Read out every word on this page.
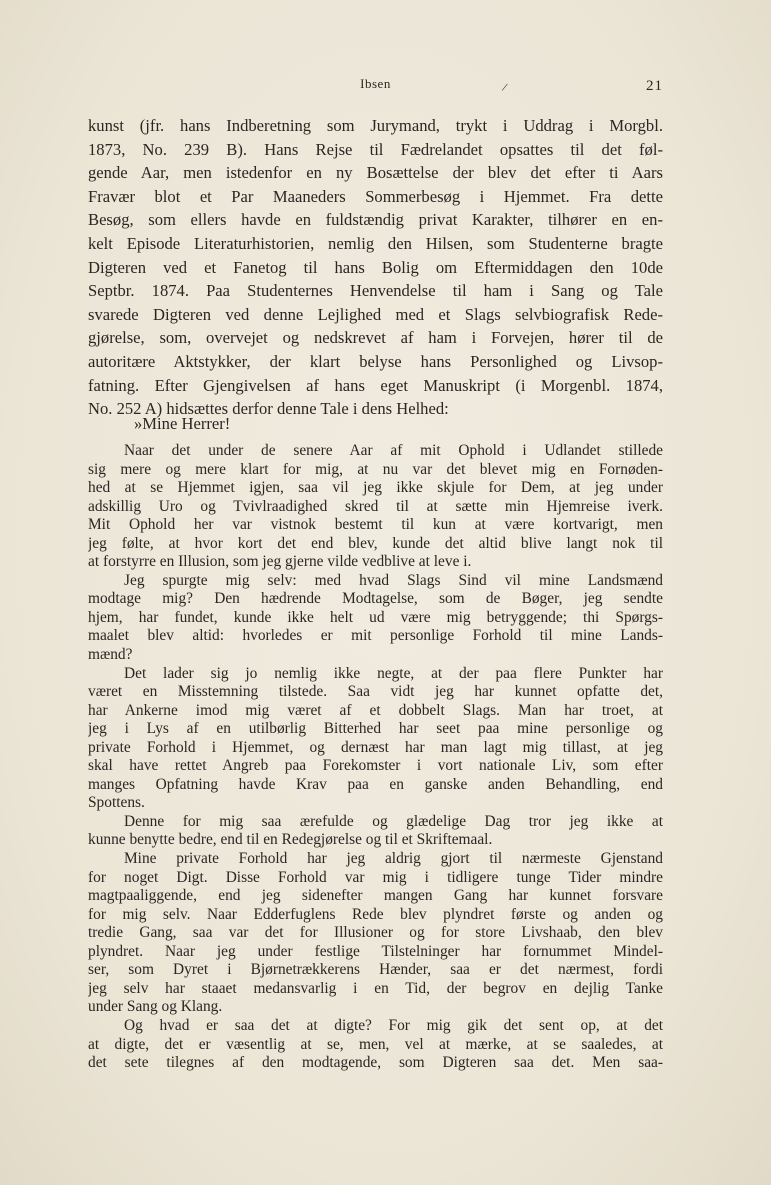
Ibsen	/	21
kunst (jfr. hans Indberetning som Jurymand, trykt i Uddrag i Morgbl.
1873, No. 239 B). Hans Rejse til Fædrelandet opsattes til det føl-
gende Aar, men istedenfor en ny Bosættelse der blev det efter ti Aars
Fravær blot et Par Maaneders Sommerbesøg i Hjemmet. Fra dette
Besøg, som ellers havde en fuldstændig privat Karakter, tilhører en en-
kelt Episode Literaturhistorien, nemlig den Hilsen, som Studenterne bragte
Digteren ved et Fanetog til hans Bolig om Eftermiddagen den 10de
Septbr. 1874. Paa Studenternes Henvendelse til ham i Sang og Tale
svarede Digteren ved denne Lejlighed med et Slags selvbiografisk Rede-
gjørelse, som, overvejet og nedskrevet af ham i Forvejen, hører til de
autoritære Aktstykker, der klart belyse hans Personlighed og Livsop-
fatning. Efter Gjengivelsen af hans eget Manuskript (i Morgenbl. 1874,
No. 252 A) hidsættes derfor denne Tale i dens Helhed:
»Mine Herrer!
Naar det under de senere Aar af mit Ophold i Udlandet stillede
sig mere og mere klart for mig, at nu var det blevet mig en Fornøden-
hed at se Hjemmet igjen, saa vil jeg ikke skjule for Dem, at jeg under
adskillig Uro og Tvivlraadighed skred til at sætte min Hjemreise iverk.
Mit Ophold her var vistnok bestemt til kun at være kortvarigt, men
jeg følte, at hvor kort det end blev, kunde det altid blive langt nok til
at forstyrre en Illusion, som jeg gjerne vilde vedblive at leve i.
Jeg spurgte mig selv: med hvad Slags Sind vil mine Landsmænd
modtage mig? Den hædrende Modtagelse, som de Bøger, jeg sendte
hjem, har fundet, kunde ikke helt ud være mig betryggende; thi Spørgs-
maalet blev altid: hvorledes er mit personlige Forhold til mine Lands-
mænd?
Det lader sig jo nemlig ikke negte, at der paa flere Punkter har
været en Misstemning tilstede. Saa vidt jeg har kunnet opfatte det,
har Ankerne imod mig været af et dobbelt Slags. Man har troet, at
jeg i Lys af en utilbørlig Bitterhed har seet paa mine personlige og
private Forhold i Hjemmet, og dernæst har man lagt mig tillast, at jeg
skal have rettet Angreb paa Forekomster i vort nationale Liv, som efter
manges Opfatning havde Krav paa en ganske anden Behandling, end
Spottens.
Denne for mig saa ærefulde og glædelige Dag tror jeg ikke at
kunne benytte bedre, end til en Redegjørelse og til et Skriftemaal.
Mine private Forhold har jeg aldrig gjort til nærmeste Gjenstand
for noget Digt. Disse Forhold var mig i tidligere tunge Tider mindre
magtpaaliggende, end jeg sidenefter mangen Gang har kunnet forsvare
for mig selv. Naar Edderfuglens Rede blev plyndret første og anden og
tredie Gang, saa var det for Illusioner og for store Livshaab, den blev
plyndret. Naar jeg under festlige Tilstelninger har fornummet Mindel-
ser, som Dyret i Bjørnetrækkerens Hænder, saa er det nærmest, fordi
jeg selv har staaet medansvarlig i en Tid, der begrov en dejlig Tanke
under Sang og Klang.
Og hvad er saa det at digte? For mig gik det sent op, at det
at digte, det er væsentlig at se, men, vel at mærke, at se saaledes, at
det sete tilegnes af den modtagende, som Digteren saa det. Men saa-
